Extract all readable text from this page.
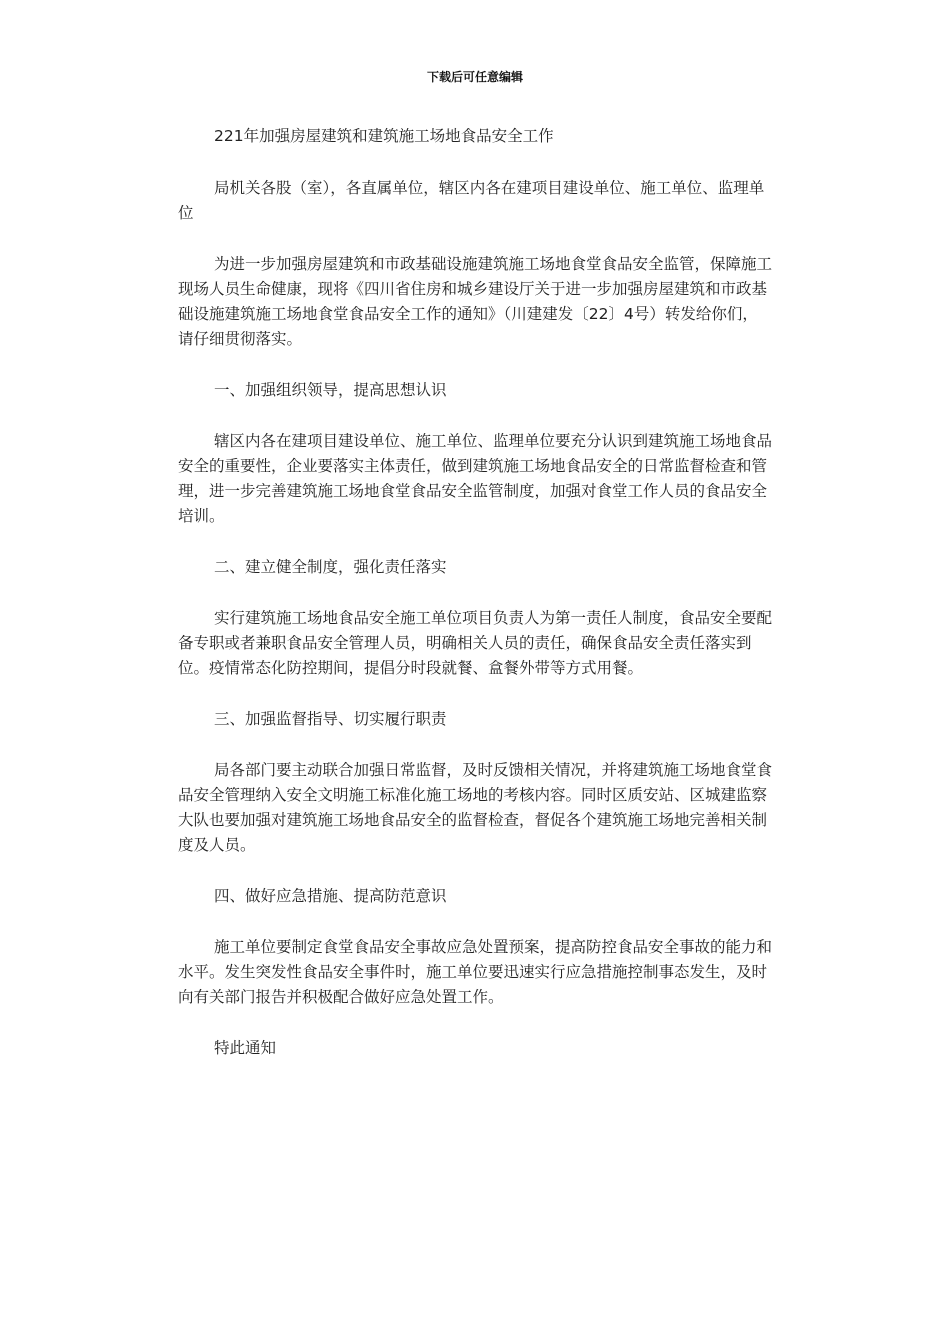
下载后可任意编辑

221年加强房屋建筑和建筑施工场地食品安全工作

局机关各股（室），各直属单位，辖区内各在建项目建设单位、施工单位、监理单位

为进一步加强房屋建筑和市政基础设施建筑施工场地食堂食品安全监管，保障施工现场人员生命健康，现将《四川省住房和城乡建设厅关于进一步加强房屋建筑和市政基础设施建筑施工场地食堂食品安全工作的通知》（川建建发〔22〕4号）转发给你们，请仔细贯彻落实。

一、加强组织领导，提高思想认识

辖区内各在建项目建设单位、施工单位、监理单位要充分认识到建筑施工场地食品安全的重要性，企业要落实主体责任，做到建筑施工场地食品安全的日常监督检查和管理，进一步完善建筑施工场地食堂食品安全监管制度，加强对食堂工作人员的食品安全培训。

二、建立健全制度，强化责任落实

实行建筑施工场地食品安全施工单位项目负责人为第一责任人制度，食品安全要配备专职或者兼职食品安全管理人员，明确相关人员的责任，确保食品安全责任落实到位。疫情常态化防控期间，提倡分时段就餐、盒餐外带等方式用餐。

三、加强监督指导、切实履行职责

局各部门要主动联合加强日常监督，及时反馈相关情况，并将建筑施工场地食堂食品安全管理纳入安全文明施工标准化施工场地的考核内容。同时区质安站、区城建监察大队也要加强对建筑施工场地食品安全的监督检查，督促各个建筑施工场地完善相关制度及人员。

四、做好应急措施、提高防范意识

施工单位要制定食堂食品安全事故应急处置预案，提高防控食品安全事故的能力和水平。发生突发性食品安全事件时，施工单位要迅速实行应急措施控制事态发生，及时向有关部门报告并积极配合做好应急处置工作。

特此通知
